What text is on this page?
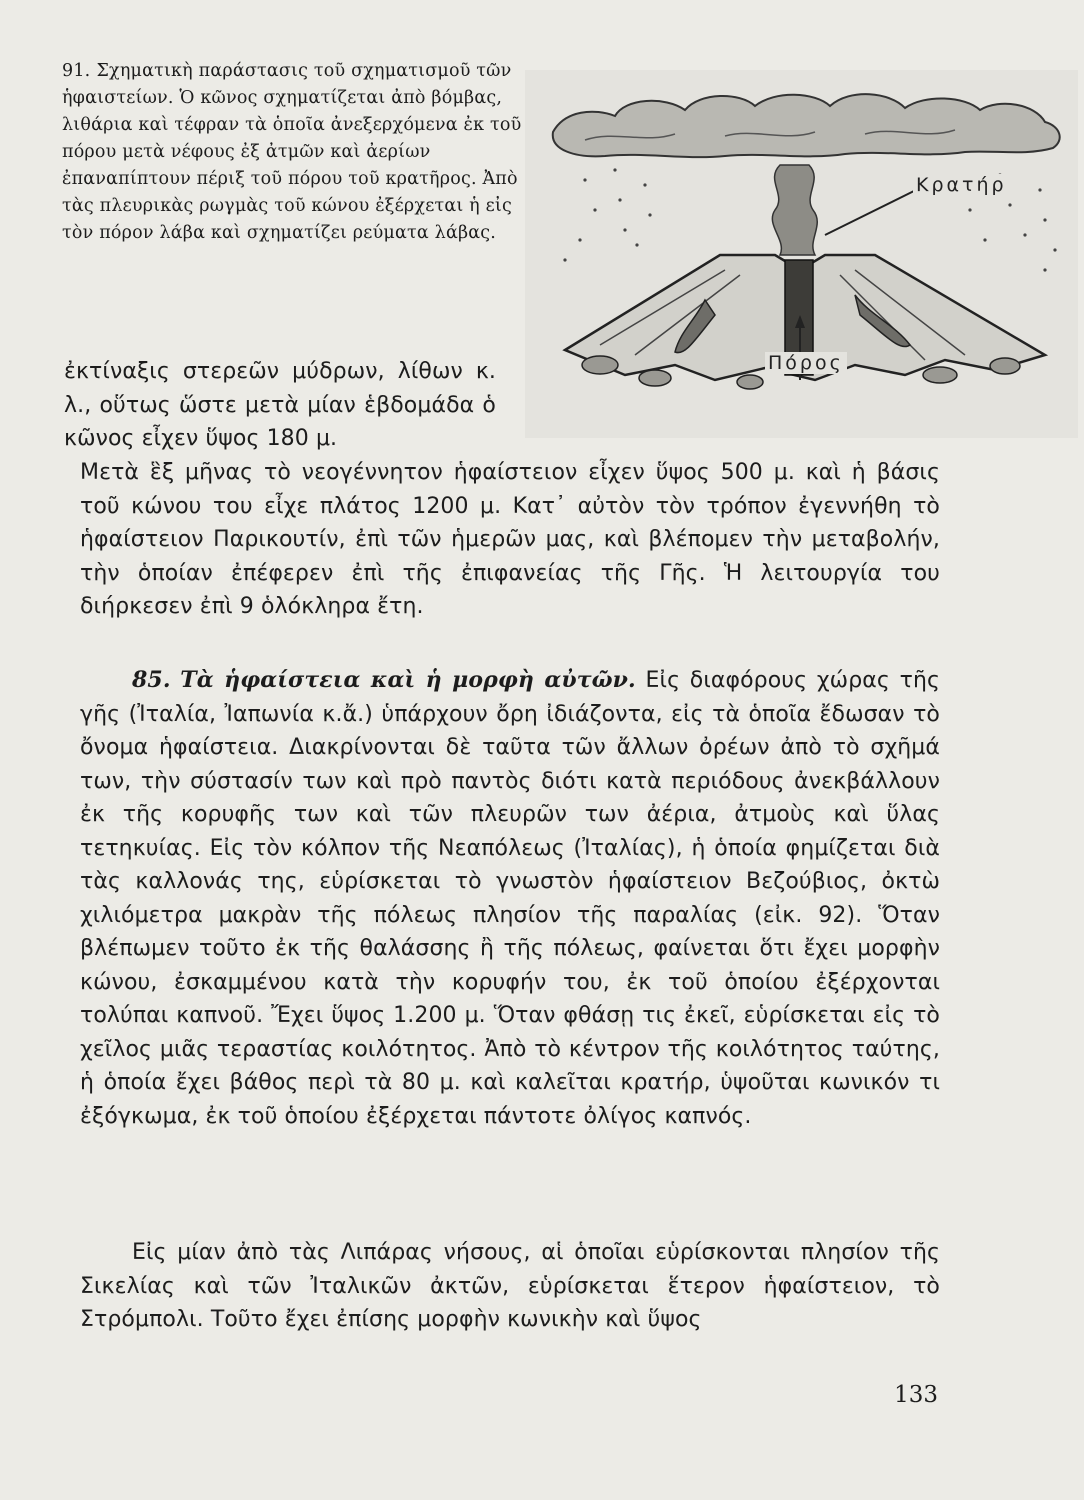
91. Σχηματικὴ παράστασις τοῦ σχηματισμοῦ τῶν ἡφαιστείων. Ὁ κῶνος σχηματίζεται ἀπὸ βόμβας, λιθάρια καὶ τέφραν τὰ ὁποῖα ἀνεξερχόμενα ἐκ τοῦ πόρου μετὰ νέφους ἐξ ἀτμῶν καὶ ἀερίων ἐπαναπίπτουν πέριξ τοῦ πόρου τοῦ κρατῆρος. Ἀπὸ τὰς πλευρικὰς ρωγμὰς τοῦ κώνου ἐξέρχεται ἡ εἰς τὸν πόρον λάβα καὶ σχηματίζει ρεύματα λάβας.
Κρατήρ
Πόρος
ἐκτίναξις στερεῶν μύδρων, λίθων κ. λ., οὕτως ὥστε μετὰ μίαν ἑβδομάδα ὁ κῶνος εἶχεν ὕψος 180 μ.
Μετὰ ἓξ μῆνας τὸ νεογέννητον ἡφαίστειον εἶχεν ὕψος 500 μ. καὶ ἡ βάσις τοῦ κώνου του εἶχε πλάτος 1200 μ. Κατ᾽ αὐτὸν τὸν τρόπον ἐγεννήθη τὸ ἡφαίστειον Παρικουτίν, ἐπὶ τῶν ἡμερῶν μας, καὶ βλέπομεν τὴν μεταβολήν, τὴν ὁποίαν ἐπέφερεν ἐπὶ τῆς ἐπιφανείας τῆς Γῆς. Ἡ λειτουργία του διήρκεσεν ἐπὶ 9 ὁλόκληρα ἔτη.
85. Τὰ ἡφαίστεια καὶ ἡ μορφὴ αὐτῶν. Εἰς διαφόρους χώρας τῆς γῆς (Ἰταλία, Ἰαπωνία κ.ἄ.) ὑπάρχουν ὄρη ἰδιάζοντα, εἰς τὰ ὁποῖα ἔδωσαν τὸ ὄνομα ἡφαίστεια. Διακρίνονται δὲ ταῦτα τῶν ἄλλων ὀρέων ἀπὸ τὸ σχῆμά των, τὴν σύστασίν των καὶ πρὸ παντὸς διότι κατὰ περιόδους ἀνεκβάλλουν ἐκ τῆς κορυφῆς των καὶ τῶν πλευρῶν των ἀέρια, ἀτμοὺς καὶ ὕλας τετηκυίας. Εἰς τὸν κόλπον τῆς Νεαπόλεως (Ἰταλίας), ἡ ὁποία φημίζεται διὰ τὰς καλλονάς της, εὑρίσκεται τὸ γνωστὸν ἡφαίστειον Βεζούβιος, ὀκτὼ χιλιόμετρα μακρὰν τῆς πόλεως πλησίον τῆς παραλίας (εἰκ. 92). Ὅταν βλέπωμεν τοῦτο ἐκ τῆς θαλάσσης ἢ τῆς πόλεως, φαίνεται ὅτι ἔχει μορφὴν κώνου, ἐσκαμμένου κατὰ τὴν κορυφήν του, ἐκ τοῦ ὁποίου ἐξέρχονται τολύπαι καπνοῦ. Ἔχει ὕψος 1.200 μ. Ὅταν φθάσῃ τις ἐκεῖ, εὑρίσκεται εἰς τὸ χεῖλος μιᾶς τεραστίας κοιλότητος. Ἀπὸ τὸ κέντρον τῆς κοιλότητος ταύτης, ἡ ὁποία ἔχει βάθος περὶ τὰ 80 μ. καὶ καλεῖται κρατήρ, ὑψοῦται κωνικόν τι ἐξόγκωμα, ἐκ τοῦ ὁποίου ἐξέρχεται πάντοτε ὀλίγος καπνός.
Εἰς μίαν ἀπὸ τὰς Λιπάρας νήσους, αἱ ὁποῖαι εὑρίσκονται πλησίον τῆς Σικελίας καὶ τῶν Ἰταλικῶν ἀκτῶν, εὑρίσκεται ἕτερον ἡφαίστειον, τὸ Στρόμπολι. Τοῦτο ἔχει ἐπίσης μορφὴν κωνικὴν καὶ ὕψος
133
